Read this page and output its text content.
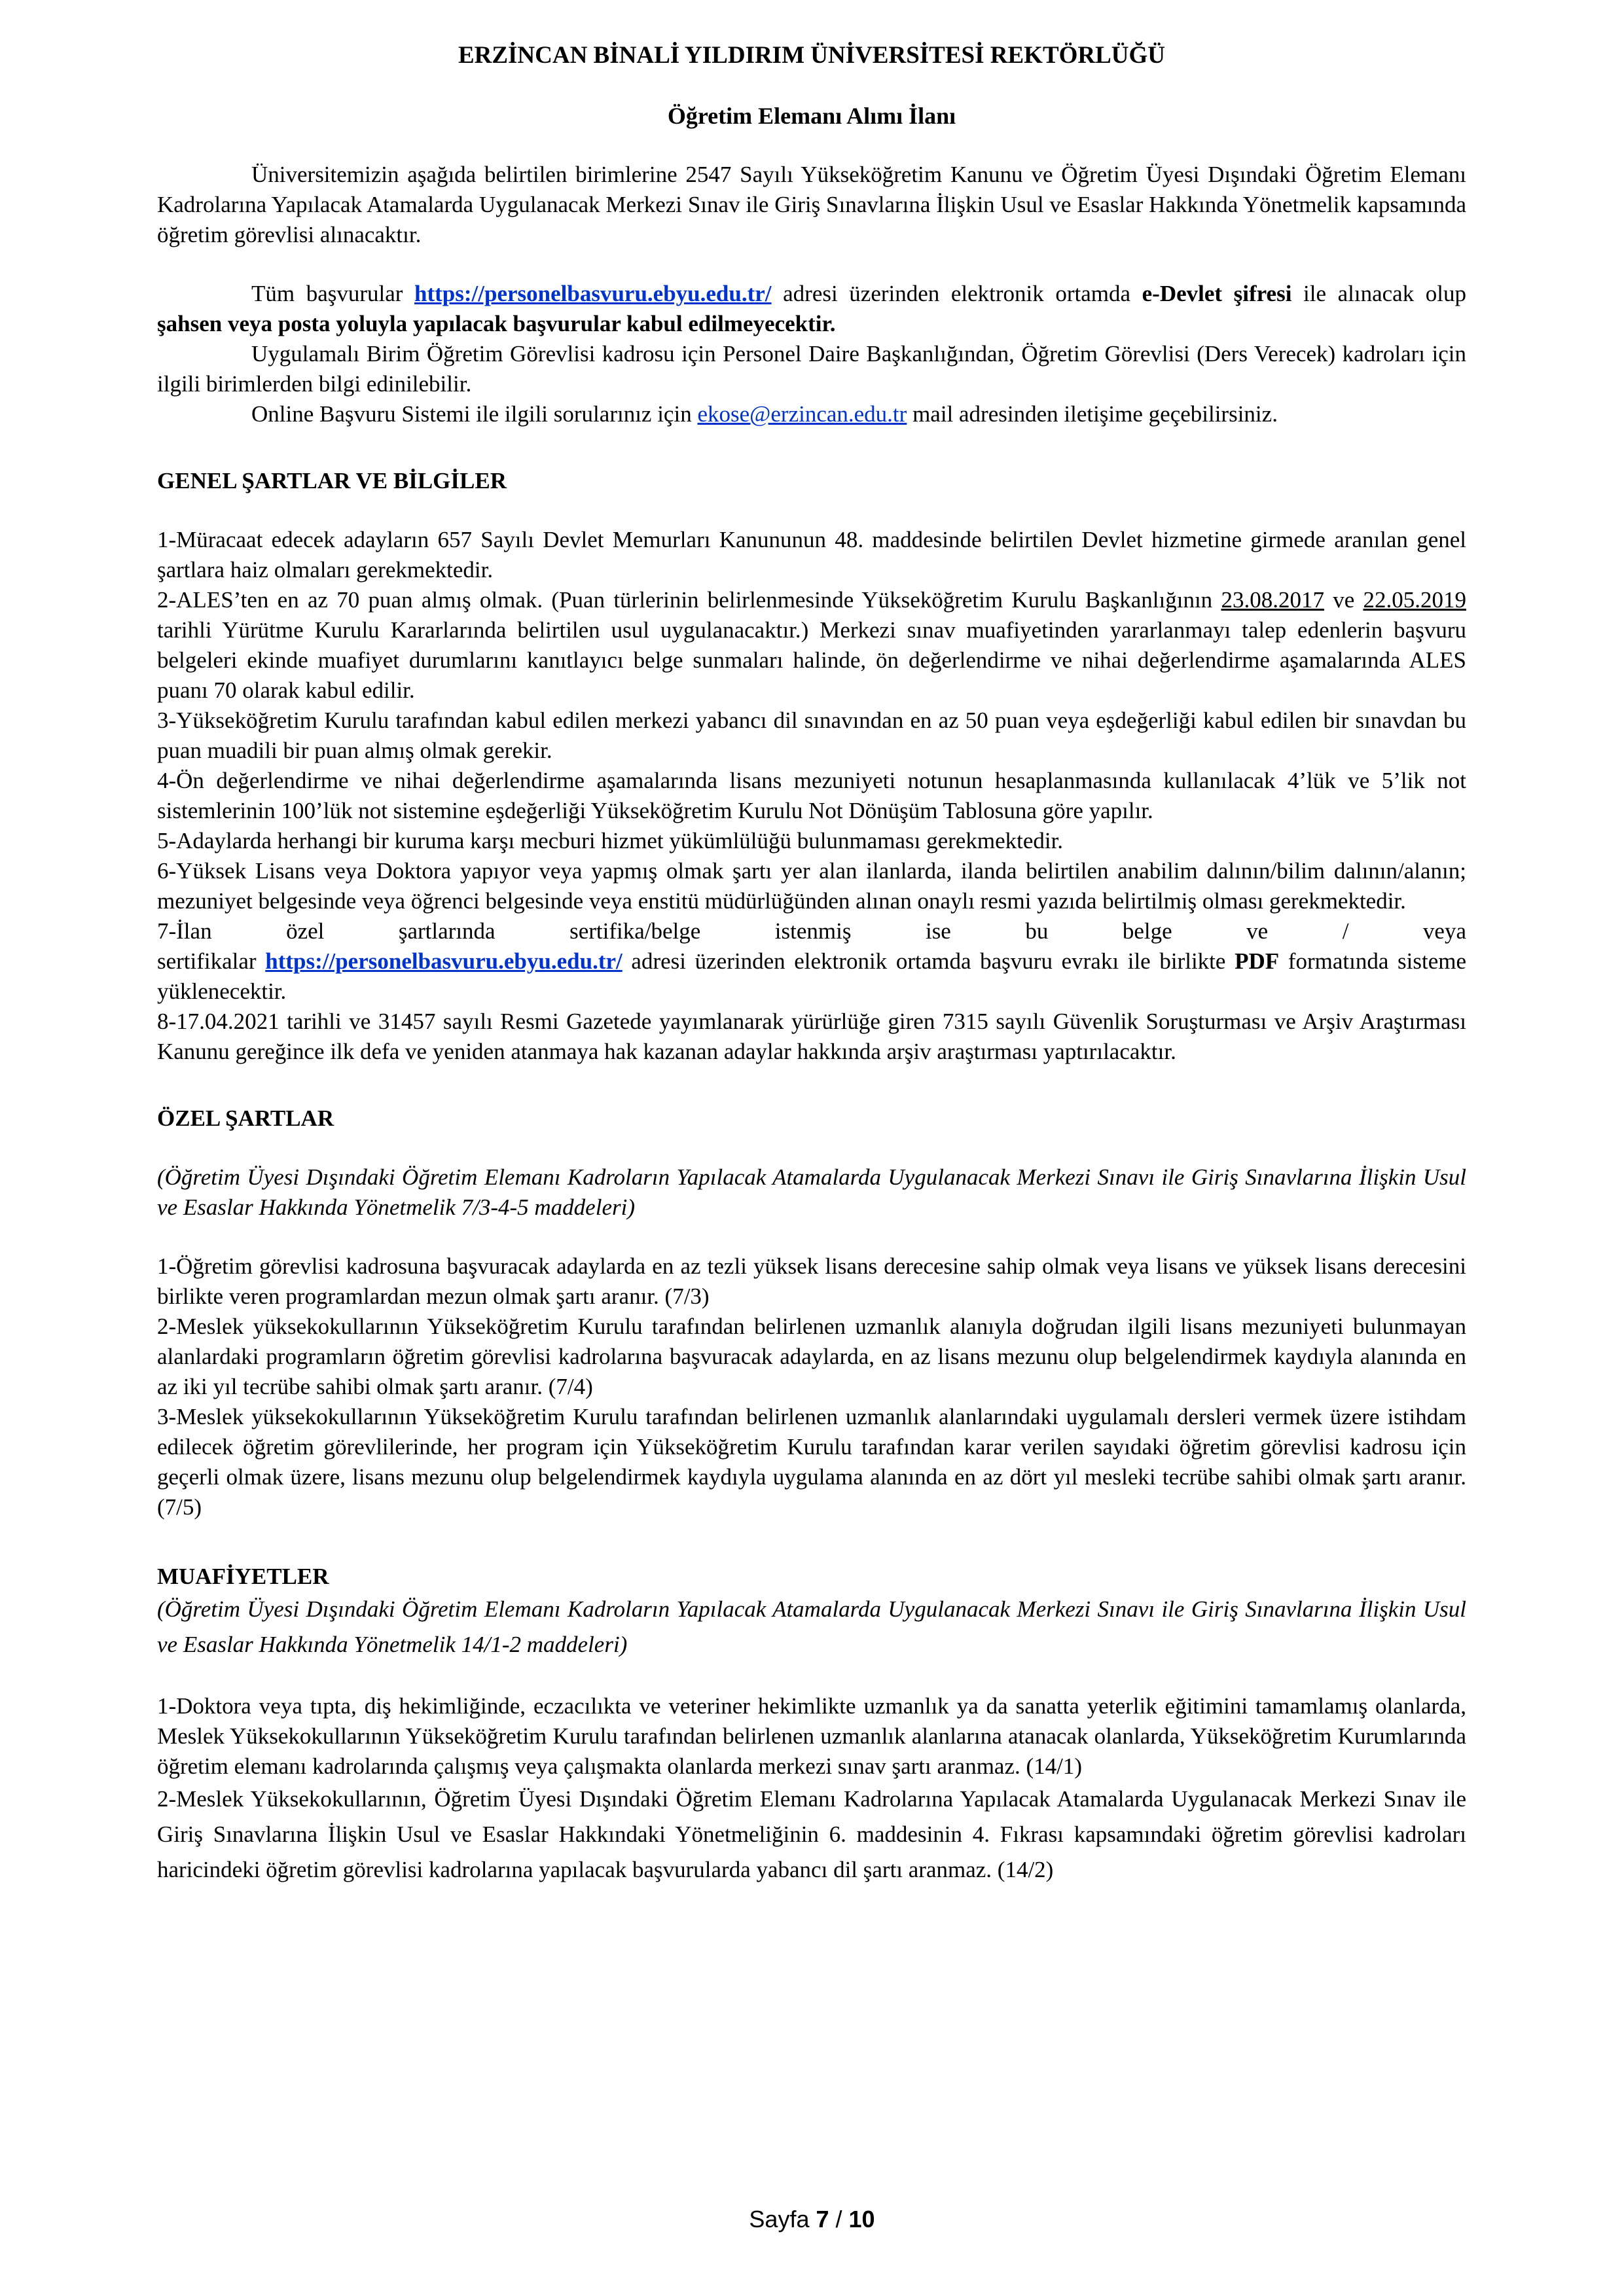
ERZİNCAN BİNALİ YILDIRIM ÜNİVERSİTESİ REKTÖRLÜĞÜ
Öğretim Elemanı Alımı İlanı

Üniversitemizin aşağıda belirtilen birimlerine 2547 Sayılı Yükseköğretim Kanunu ve Öğretim Üyesi Dışındaki Öğretim Elemanı Kadrolarına Yapılacak Atamalarda Uygulanacak Merkezi Sınav ile Giriş Sınavlarına İlişkin Usul ve Esaslar Hakkında Yönetmelik kapsamında öğretim görevlisi alınacaktır.

Tüm başvurular https://personelbasvuru.ebyu.edu.tr/ adresi üzerinden elektronik ortamda e-Devlet şifresi ile alınacak olup şahsen veya posta yoluyla yapılacak başvurular kabul edilmeyecektir.

Uygulamalı Birim Öğretim Görevlisi kadrosu için Personel Daire Başkanlığından, Öğretim Görevlisi (Ders Verecek) kadroları için ilgili birimlerden bilgi edinilebilir.

Online Başvuru Sistemi ile ilgili sorularınız için ekose@erzincan.edu.tr mail adresinden iletişime geçebilirsiniz.

GENEL ŞARTLAR VE BİLGİLER

1-Müracaat edecek adayların 657 Sayılı Devlet Memurları Kanununun 48. maddesinde belirtilen Devlet hizmetine girmede aranılan genel şartlara haiz olmaları gerekmektedir.

2-ALES’ten en az 70 puan almış olmak. (Puan türlerinin belirlenmesinde Yükseköğretim Kurulu Başkanlığının 23.08.2017 ve 22.05.2019 tarihli Yürütme Kurulu Kararlarında belirtilen usul uygulanacaktır.) Merkezi sınav muafiyetinden yararlanmayı talep edenlerin başvuru belgeleri ekinde muafiyet durumlarını kanıtlayıcı belge sunmaları halinde, ön değerlendirme ve nihai değerlendirme aşamalarında ALES puanı 70 olarak kabul edilir.

3-Yükseköğretim Kurulu tarafından kabul edilen merkezi yabancı dil sınavından en az 50 puan veya eşdeğerliği kabul edilen bir sınavdan bu puan muadili bir puan almış olmak gerekir.

4-Ön değerlendirme ve nihai değerlendirme aşamalarında lisans mezuniyeti notunun hesaplanmasında kullanılacak 4’lük ve 5’lik not sistemlerinin 100’lük not sistemine eşdeğerliği Yükseköğretim Kurulu Not Dönüşüm Tablosuna göre yapılır.

5-Adaylarda herhangi bir kuruma karşı mecburi hizmet yükümlülüğü bulunmaması gerekmektedir.

6-Yüksek Lisans veya Doktora yapıyor veya yapmış olmak şartı yer alan ilanlarda, ilanda belirtilen anabilim dalının/bilim dalının/alanın; mezuniyet belgesinde veya öğrenci belgesinde veya enstitü müdürlüğünden alınan onaylı resmi yazıda belirtilmiş olması gerekmektedir.

7-İlan özel şartlarında sertifika/belge istenmiş ise bu belge ve / veya

sertifikalar https://personelbasvuru.ebyu.edu.tr/ adresi üzerinden elektronik ortamda başvuru evrakı ile birlikte PDF formatında sisteme yüklenecektir.

8-17.04.2021 tarihli ve 31457 sayılı Resmi Gazetede yayımlanarak yürürlüğe giren 7315 sayılı Güvenlik Soruşturması ve Arşiv Araştırması Kanunu gereğince ilk defa ve yeniden atanmaya hak kazanan adaylar hakkında arşiv araştırması yaptırılacaktır.

ÖZEL ŞARTLAR

(Öğretim Üyesi Dışındaki Öğretim Elemanı Kadroların Yapılacak Atamalarda Uygulanacak Merkezi Sınavı ile Giriş Sınavlarına İlişkin Usul ve Esaslar Hakkında Yönetmelik 7/3-4-5 maddeleri)

1-Öğretim görevlisi kadrosuna başvuracak adaylarda en az tezli yüksek lisans derecesine sahip olmak veya lisans ve yüksek lisans derecesini birlikte veren programlardan mezun olmak şartı aranır. (7/3)

2-Meslek yüksekokullarının Yükseköğretim Kurulu tarafından belirlenen uzmanlık alanıyla doğrudan ilgili lisans mezuniyeti bulunmayan alanlardaki programların öğretim görevlisi kadrolarına başvuracak adaylarda, en az lisans mezunu olup belgelendirmek kaydıyla alanında en az iki yıl tecrübe sahibi olmak şartı aranır. (7/4)

3-Meslek yüksekokullarının Yükseköğretim Kurulu tarafından belirlenen uzmanlık alanlarındaki uygulamalı dersleri vermek üzere istihdam edilecek öğretim görevlilerinde, her program için Yükseköğretim Kurulu tarafından karar verilen sayıdaki öğretim görevlisi kadrosu için geçerli olmak üzere, lisans mezunu olup belgelendirmek kaydıyla uygulama alanında en az dört yıl mesleki tecrübe sahibi olmak şartı aranır. (7/5)

MUAFİYETLER

(Öğretim Üyesi Dışındaki Öğretim Elemanı Kadroların Yapılacak Atamalarda Uygulanacak Merkezi Sınavı ile Giriş Sınavlarına İlişkin Usul ve Esaslar Hakkında Yönetmelik 14/1-2 maddeleri)

1-Doktora veya tıpta, diş hekimliğinde, eczacılıkta ve veteriner hekimlikte uzmanlık ya da sanatta yeterlik eğitimini tamamlamış olanlarda, Meslek Yüksekokullarının Yükseköğretim Kurulu tarafından belirlenen uzmanlık alanlarına atanacak olanlarda, Yükseköğretim Kurumlarında öğretim elemanı kadrolarında çalışmış veya çalışmakta olanlarda merkezi sınav şartı aranmaz. (14/1)

2-Meslek Yüksekokullarının, Öğretim Üyesi Dışındaki Öğretim Elemanı Kadrolarına Yapılacak Atamalarda Uygulanacak Merkezi Sınav ile Giriş Sınavlarına İlişkin Usul ve Esaslar Hakkındaki Yönetmeliğinin 6. maddesinin 4. Fıkrası kapsamındaki öğretim görevlisi kadroları haricindeki öğretim görevlisi kadrolarına yapılacak başvurularda yabancı dil şartı aranmaz. (14/2)

Sayfa 7 / 10
